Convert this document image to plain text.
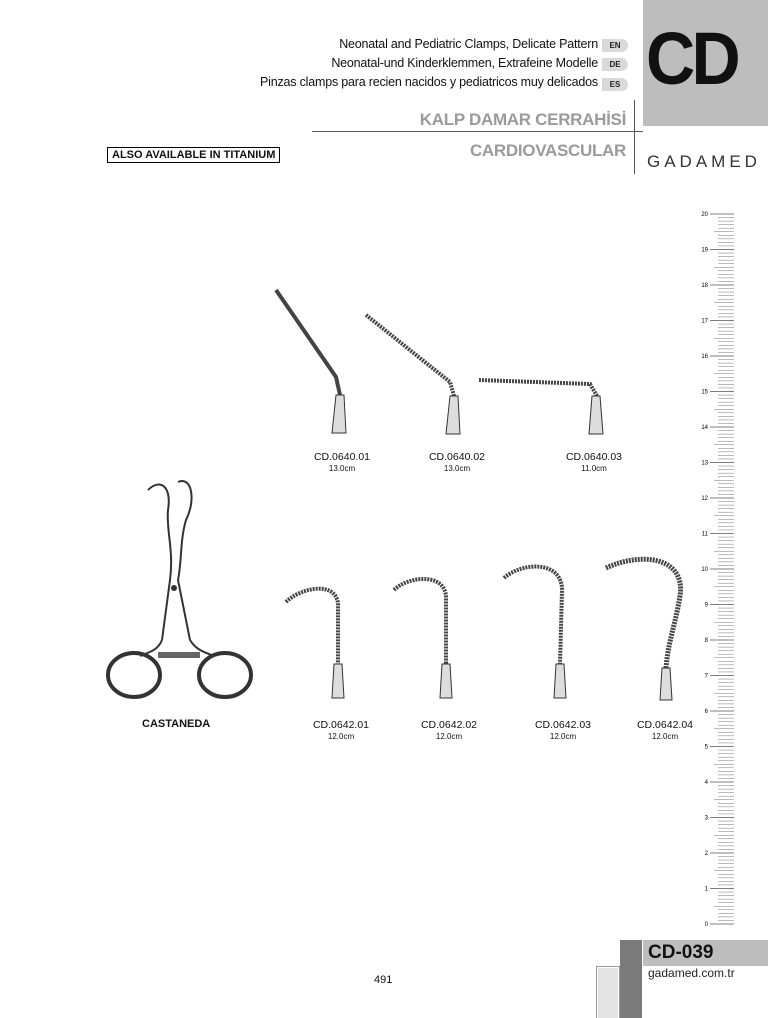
Neonatal and Pediatric Clamps, Delicate Pattern	EN
Neonatal-und Kinderklemmen, Extrafeine Modelle	DE
Pinzas clamps para recien nacidos y pediatricos muy delicados	ES CD
KALP DAMAR CERRAHİSİ
CARDIOVASCULAR
ALSO AVAILABLE IN TITANIUM	GADAMED
CASTANEDA
CD.0640.01
13.0cm
CD.0640.02
13.0cm
CD.0640.03
11.0cm
CD.0642.01
12.0cm
CD.0642.02
12.0cm
CD.0642.03
12.0cm
CD.0642.04
12.0cm
20
19
18
17
16
15
14
13
12
11
10
9
8
7
6
5
4
3
2
1
0
CD-039
gadamed.com.tr
491
